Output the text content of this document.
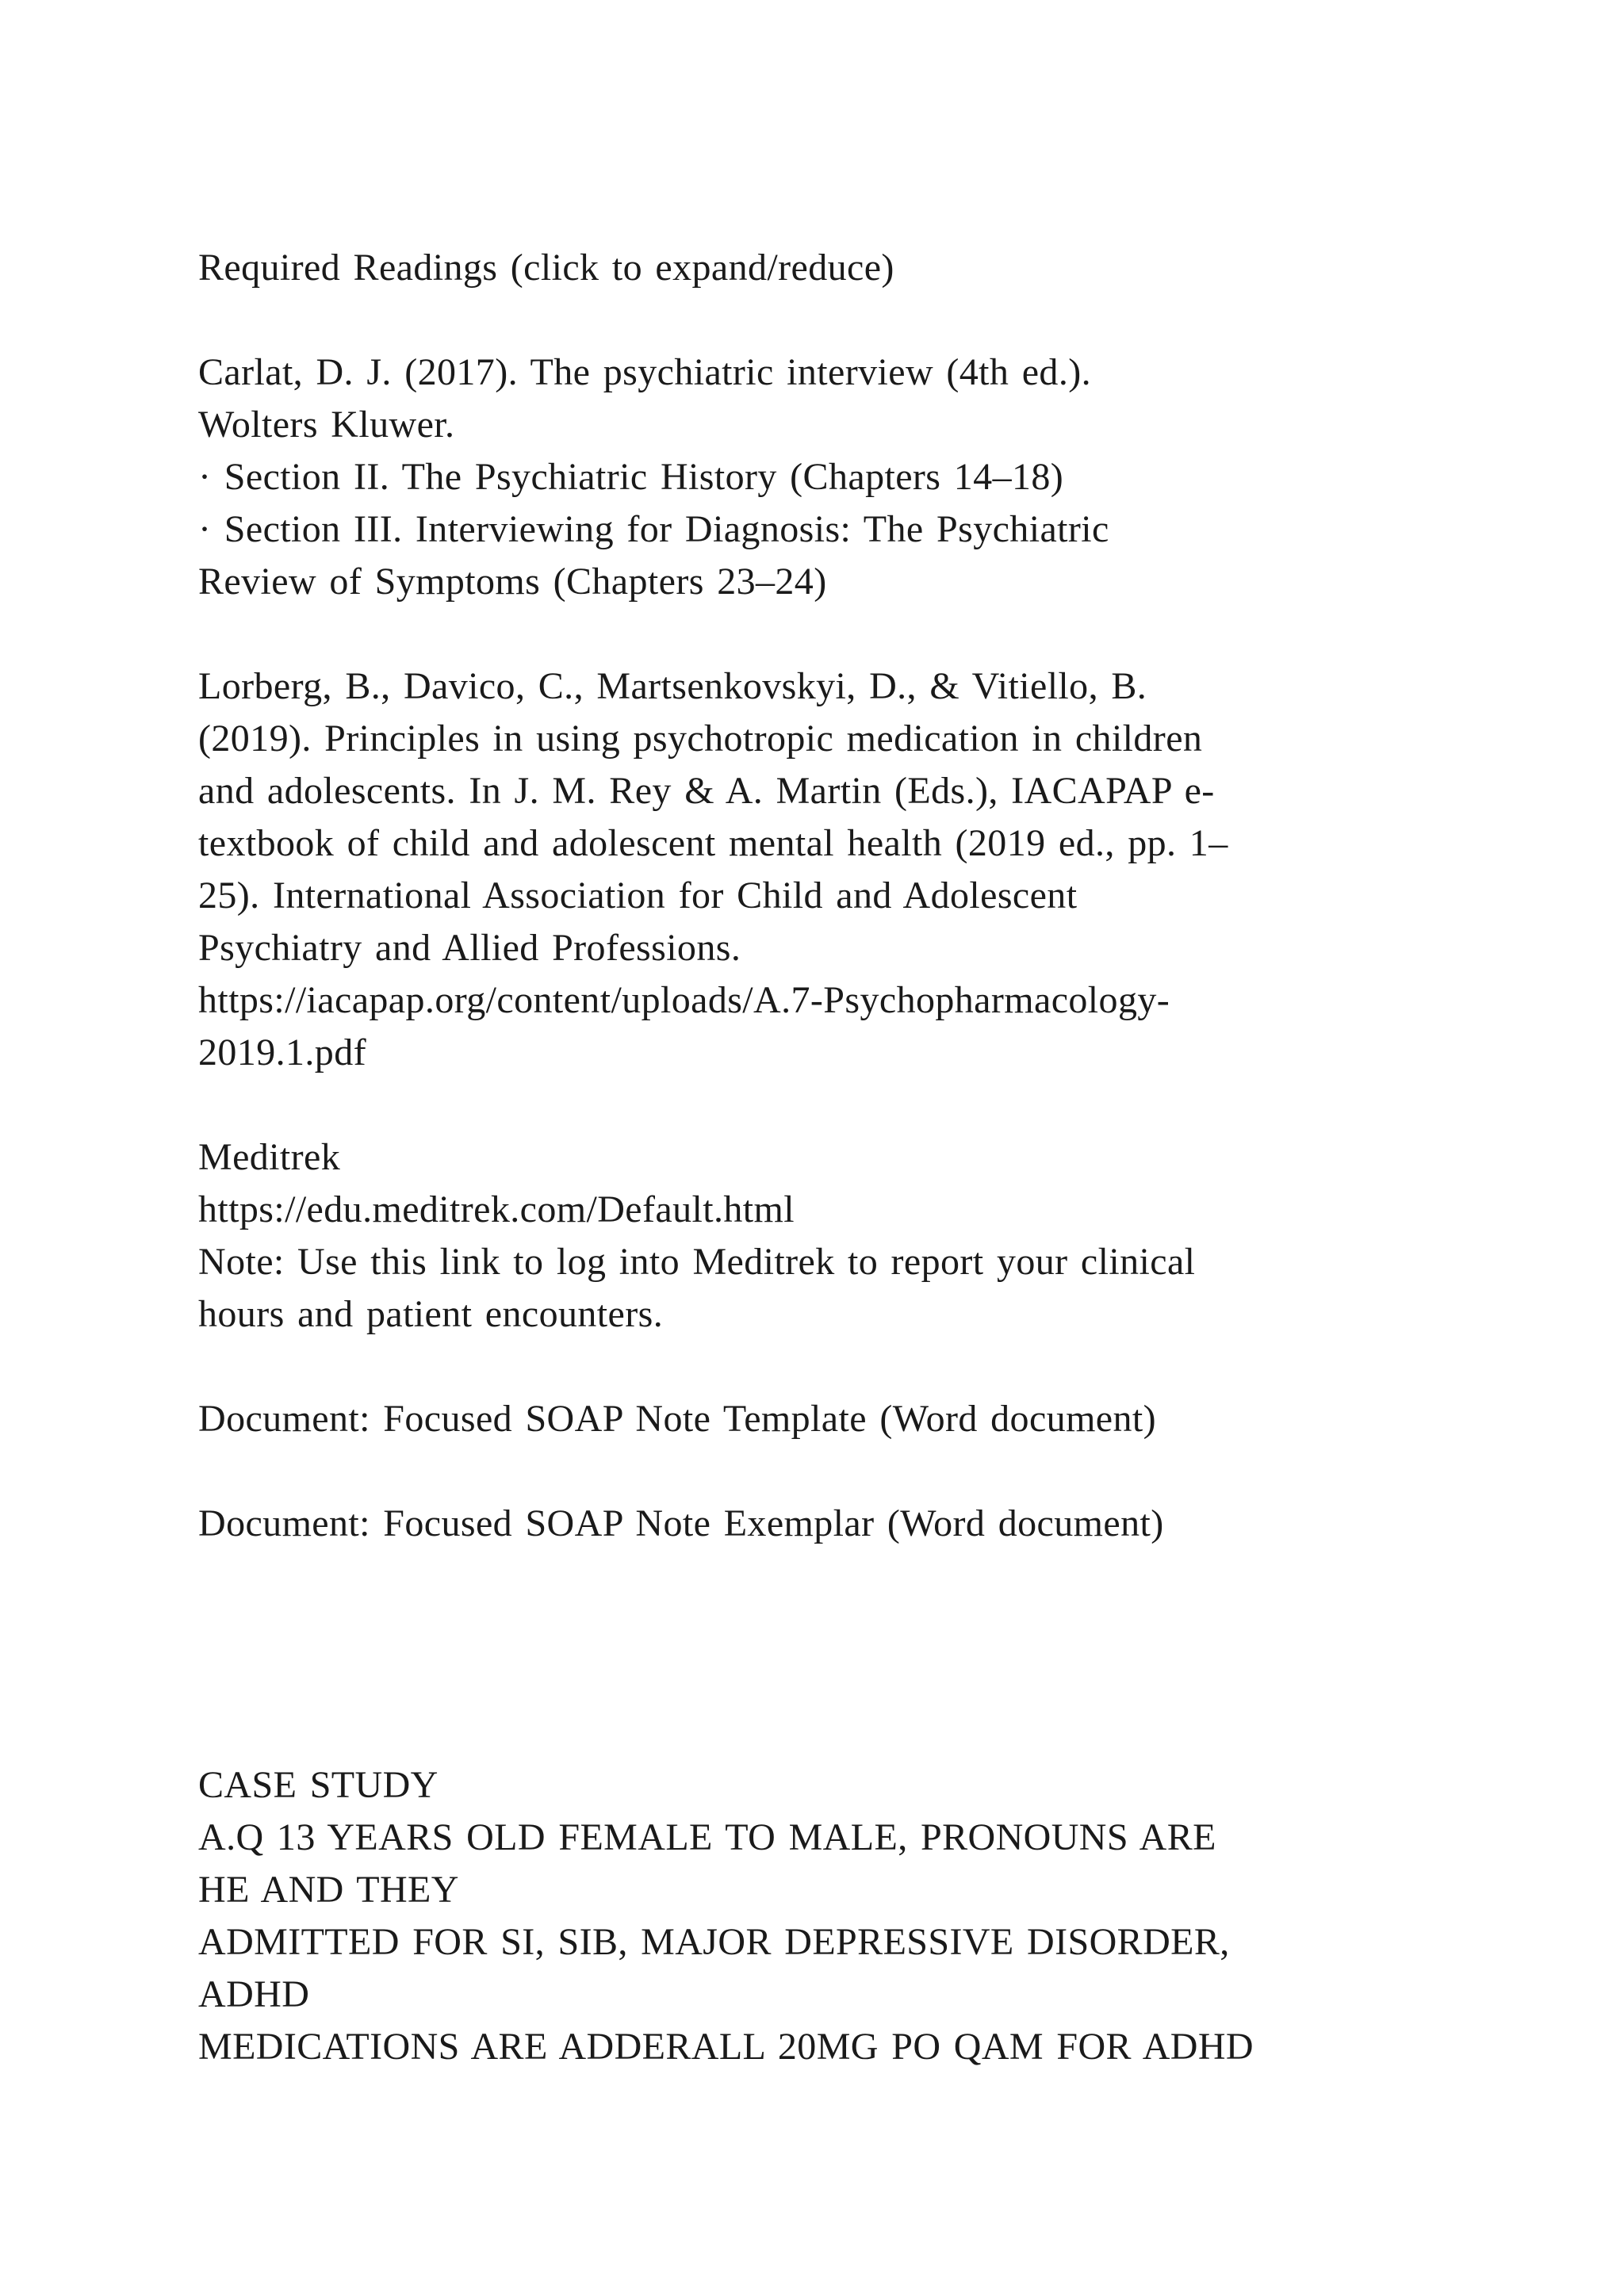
Required Readings (click to expand/reduce)
Carlat, D. J. (2017). The psychiatric interview (4th ed.).
Wolters Kluwer.
· Section II. The Psychiatric History (Chapters 14–18)
· Section III. Interviewing for Diagnosis: The Psychiatric
Review of Symptoms (Chapters 23–24)
Lorberg, B., Davico, C., Martsenkovskyi, D., & Vitiello, B.
(2019). Principles in using psychotropic medication in children
and adolescents. In J. M. Rey & A. Martin (Eds.), IACAPAP e-
textbook of child and adolescent mental health (2019 ed., pp. 1–
25). International Association for Child and Adolescent
Psychiatry and Allied Professions.
https://iacapap.org/content/uploads/A.7-Psychopharmacology-
2019.1.pdf
Meditrek
https://edu.meditrek.com/Default.html
Note: Use this link to log into Meditrek to report your clinical
hours and patient encounters.
Document: Focused SOAP Note Template (Word document)
Document: Focused SOAP Note Exemplar (Word document)
CASE STUDY
A.Q 13 YEARS OLD FEMALE TO MALE, PRONOUNS ARE
HE AND THEY
ADMITTED FOR SI, SIB, MAJOR DEPRESSIVE DISORDER,
ADHD
MEDICATIONS ARE ADDERALL 20MG PO QAM FOR ADHD
